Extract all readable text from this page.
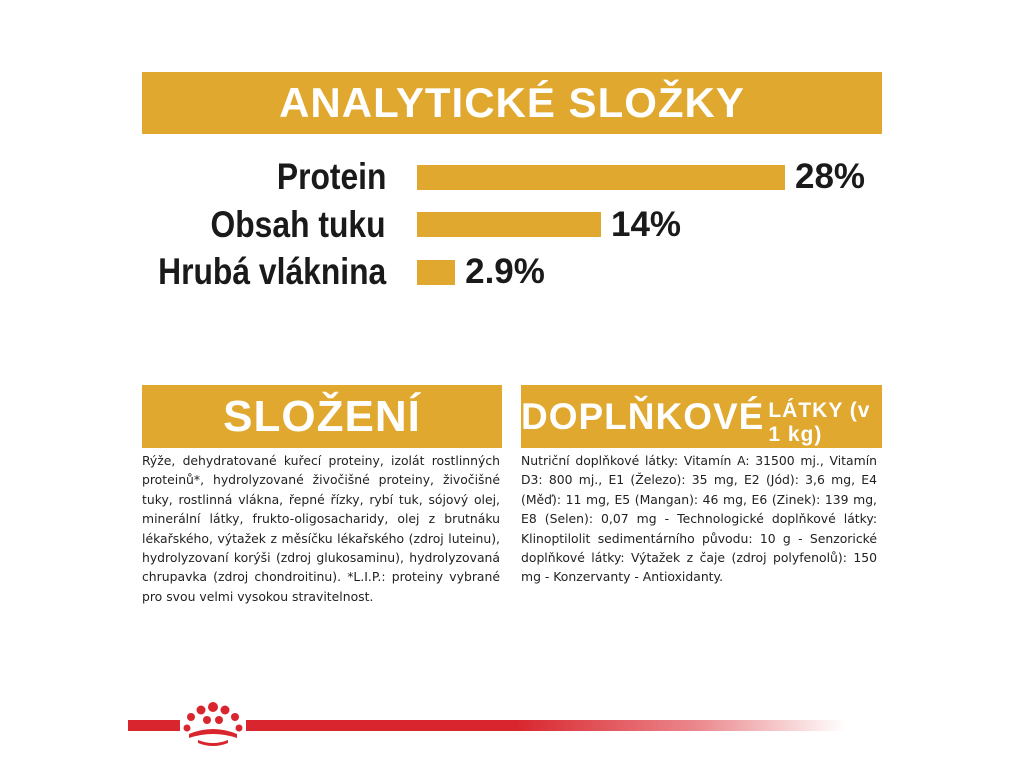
ANALYTICKÉ SLOŽKY
Protein	28%
Obsah tuku	14%
Hrubá vláknina 2.9%
SLOŽENÍ
Rýže, dehydratované kuřecí proteiny, izolát rostlinných proteinů*, hydrolyzované živočišné proteiny, živočišné tuky, rostlinná vlákna, řepné řízky, rybí tuk, sójový olej, minerální látky, frukto-oligosacharidy, olej z brutnáku lékařského, výtažek z měsíčku lékařského (zdroj luteinu), hydrolyzovaní korýši (zdroj glukosaminu), hydrolyzovaná chrupavka (zdroj chondroitinu). *L.I.P.: proteiny vybrané pro svou velmi vysokou stravitelnost.
DOPLŇKOVÉ LÁTKY (v 1 kg)
Nutriční doplňkové látky: Vitamín A: 31500 mj., Vitamín D3: 800 mj., E1 (Železo): 35 mg, E2 (Jód): 3,6 mg, E4 (Měď): 11 mg, E5 (Mangan): 46 mg, E6 (Zinek): 139 mg, E8 (Selen): 0,07 mg - Technologické doplňkové látky: Klinoptilolit sedimentárního původu: 10 g - Senzorické doplňkové látky: Výtažek z čaje (zdroj polyfenolů): 150 mg - Konzervanty - Antioxidanty.
